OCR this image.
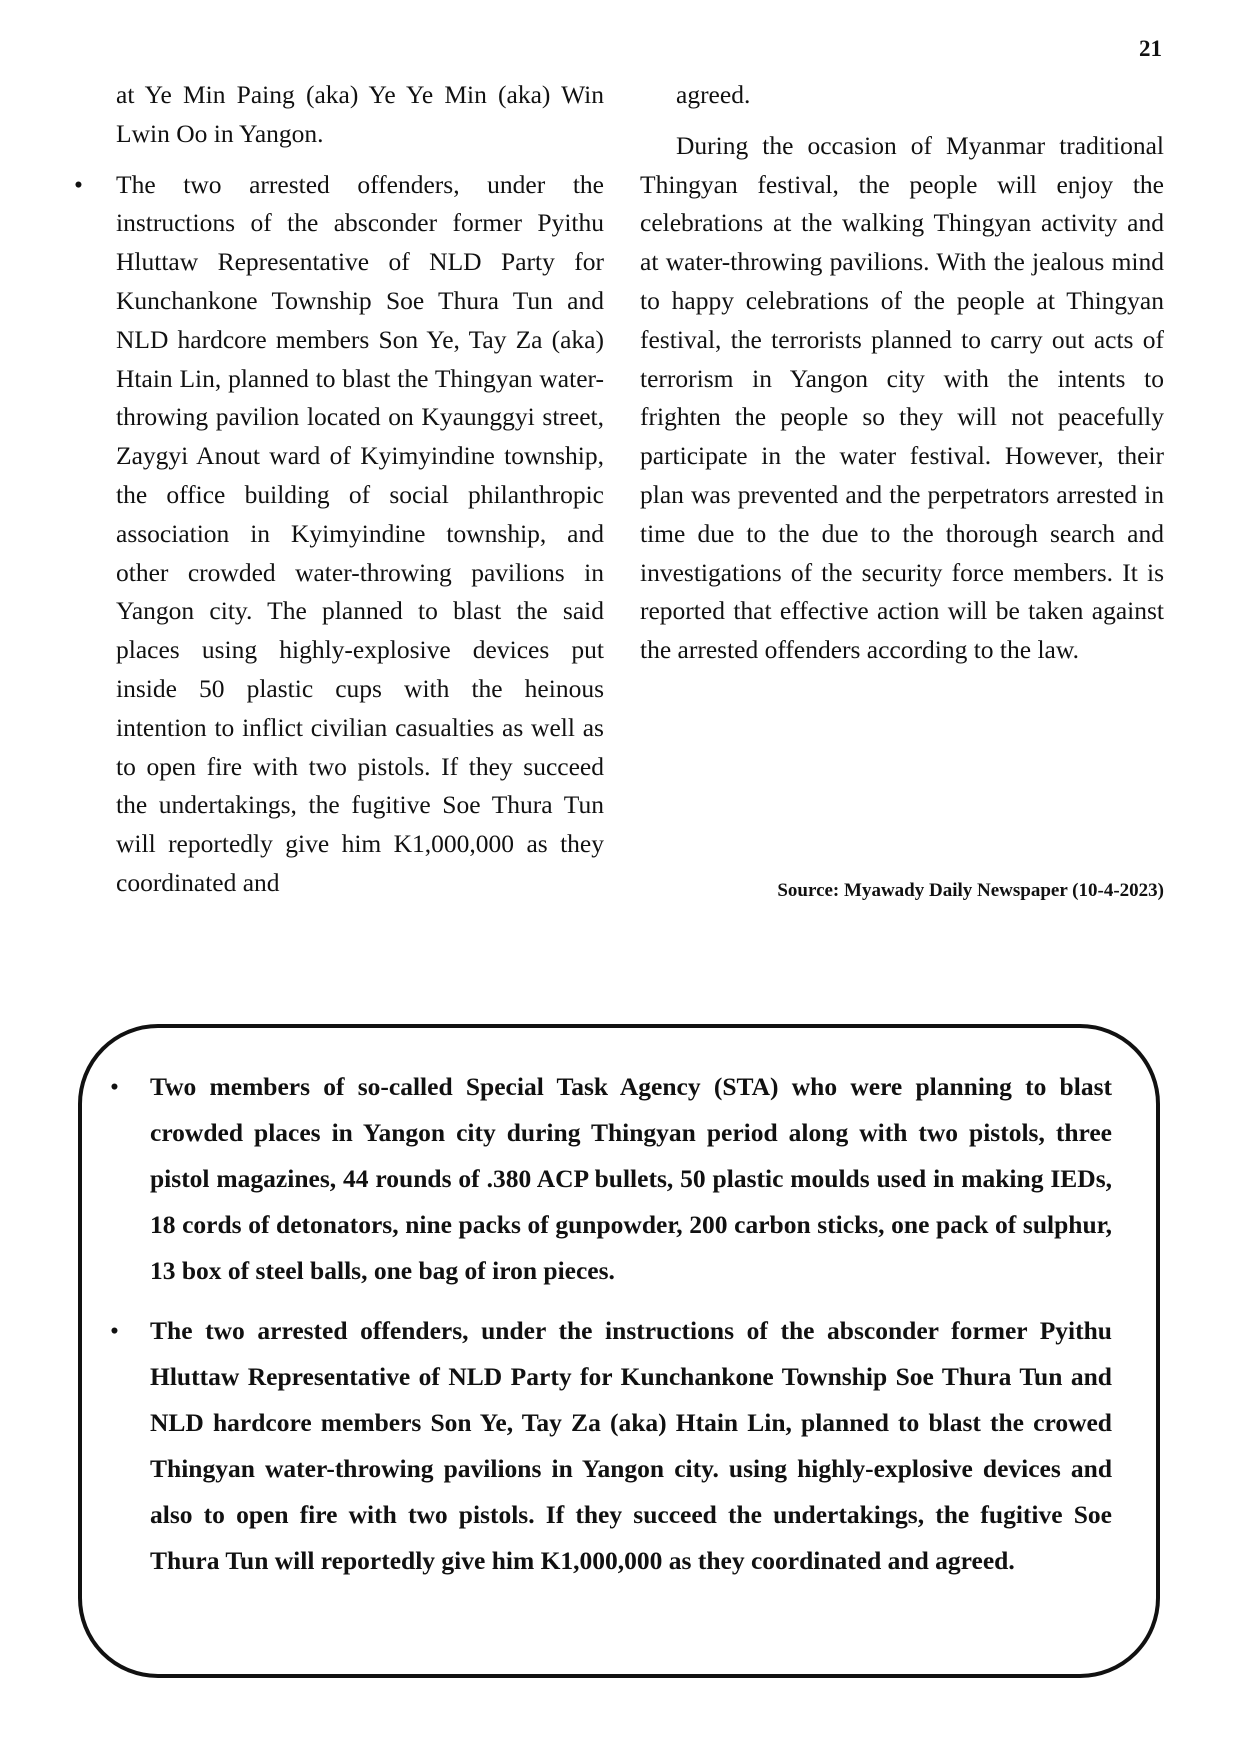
21

at Ye Min Paing (aka) Ye Ye Min (aka) Win Lwin Oo in Yangon.

• The two arrested offenders, under the instructions of the absconder former Pyithu Hluttaw Representative of NLD Party for Kunchankone Township Soe Thura Tun and NLD hardcore members Son Ye, Tay Za (aka) Htain Lin, planned to blast the Thingyan water-throwing pavilion located on Kyaunggyi street, Zaygyi Anout ward of Kyimyindine township, the office building of social philanthropic association in Kyimyindine township, and other crowded water-throwing pavilions in Yangon city. The planned to blast the said places using highly-explosive devices put inside 50 plastic cups with the heinous intention to inflict civilian casualties as well as to open fire with two pistols. If they succeed the undertakings, the fugitive Soe Thura Tun will reportedly give him K1,000,000 as they coordinated and

agreed.

During the occasion of Myanmar traditional Thingyan festival, the people will enjoy the celebrations at the walking Thingyan activity and at water-throwing pavilions. With the jealous mind to happy celebrations of the people at Thingyan festival, the terrorists planned to carry out acts of terrorism in Yangon city with the intents to frighten the people so they will not peacefully participate in the water festival. However, their plan was prevented and the perpetrators arrested in time due to the due to the thorough search and investigations of the security force members. It is reported that effective action will be taken against the arrested offenders according to the law.

Source: Myawady Daily Newspaper (10-4-2023)
• Two members of so-called Special Task Agency (STA) who were planning to blast crowded places in Yangon city during Thingyan period along with two pistols, three pistol magazines, 44 rounds of .380 ACP bullets, 50 plastic moulds used in making IEDs, 18 cords of detonators, nine packs of gunpowder, 200 carbon sticks, one pack of sulphur, 13 box of steel balls, one bag of iron pieces.
• The two arrested offenders, under the instructions of the absconder former Pyithu Hluttaw Representative of NLD Party for Kunchankone Township Soe Thura Tun and NLD hardcore members Son Ye, Tay Za (aka) Htain Lin, planned to blast the crowed Thingyan water-throwing pavilions in Yangon city. using highly-explosive devices and also to open fire with two pistols. If they succeed the undertakings, the fugitive Soe Thura Tun will reportedly give him K1,000,000 as they coordinated and agreed.
